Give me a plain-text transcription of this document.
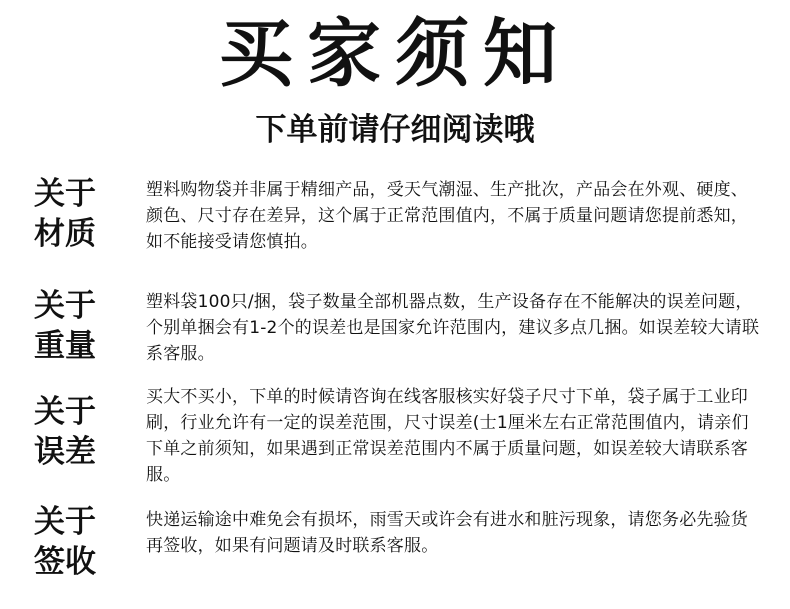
买家须知
下单前请仔细阅读哦
关于
材质
塑料购物袋并非属于精细产品，受天气潮湿、生产批次，产品会在外观、硬度、颜色、尺寸存在差异，这个属于正常范围值内，不属于质量问题请您提前悉知，如不能接受请您慎拍。
关于
重量
塑料袋100只/捆，袋子数量全部机器点数，生产设备存在不能解决的误差问题，个别单捆会有1-2个的误差也是国家允许范围内，建议多点几捆。如误差较大请联系客服。
关于
误差
买大不买小，下单的时候请咨询在线客服核实好袋子尺寸下单，袋子属于工业印刷，行业允许有一定的误差范围，尺寸误差(士1厘米左右正常范围值内，请亲们下单之前须知，如果遇到正常误差范围内不属于质量问题，如误差较大请联系客服。
关于
签收
快递运输途中难免会有损坏，雨雪天或许会有进水和脏污现象，请您务必先验货再签收，如果有问题请及时联系客服。
